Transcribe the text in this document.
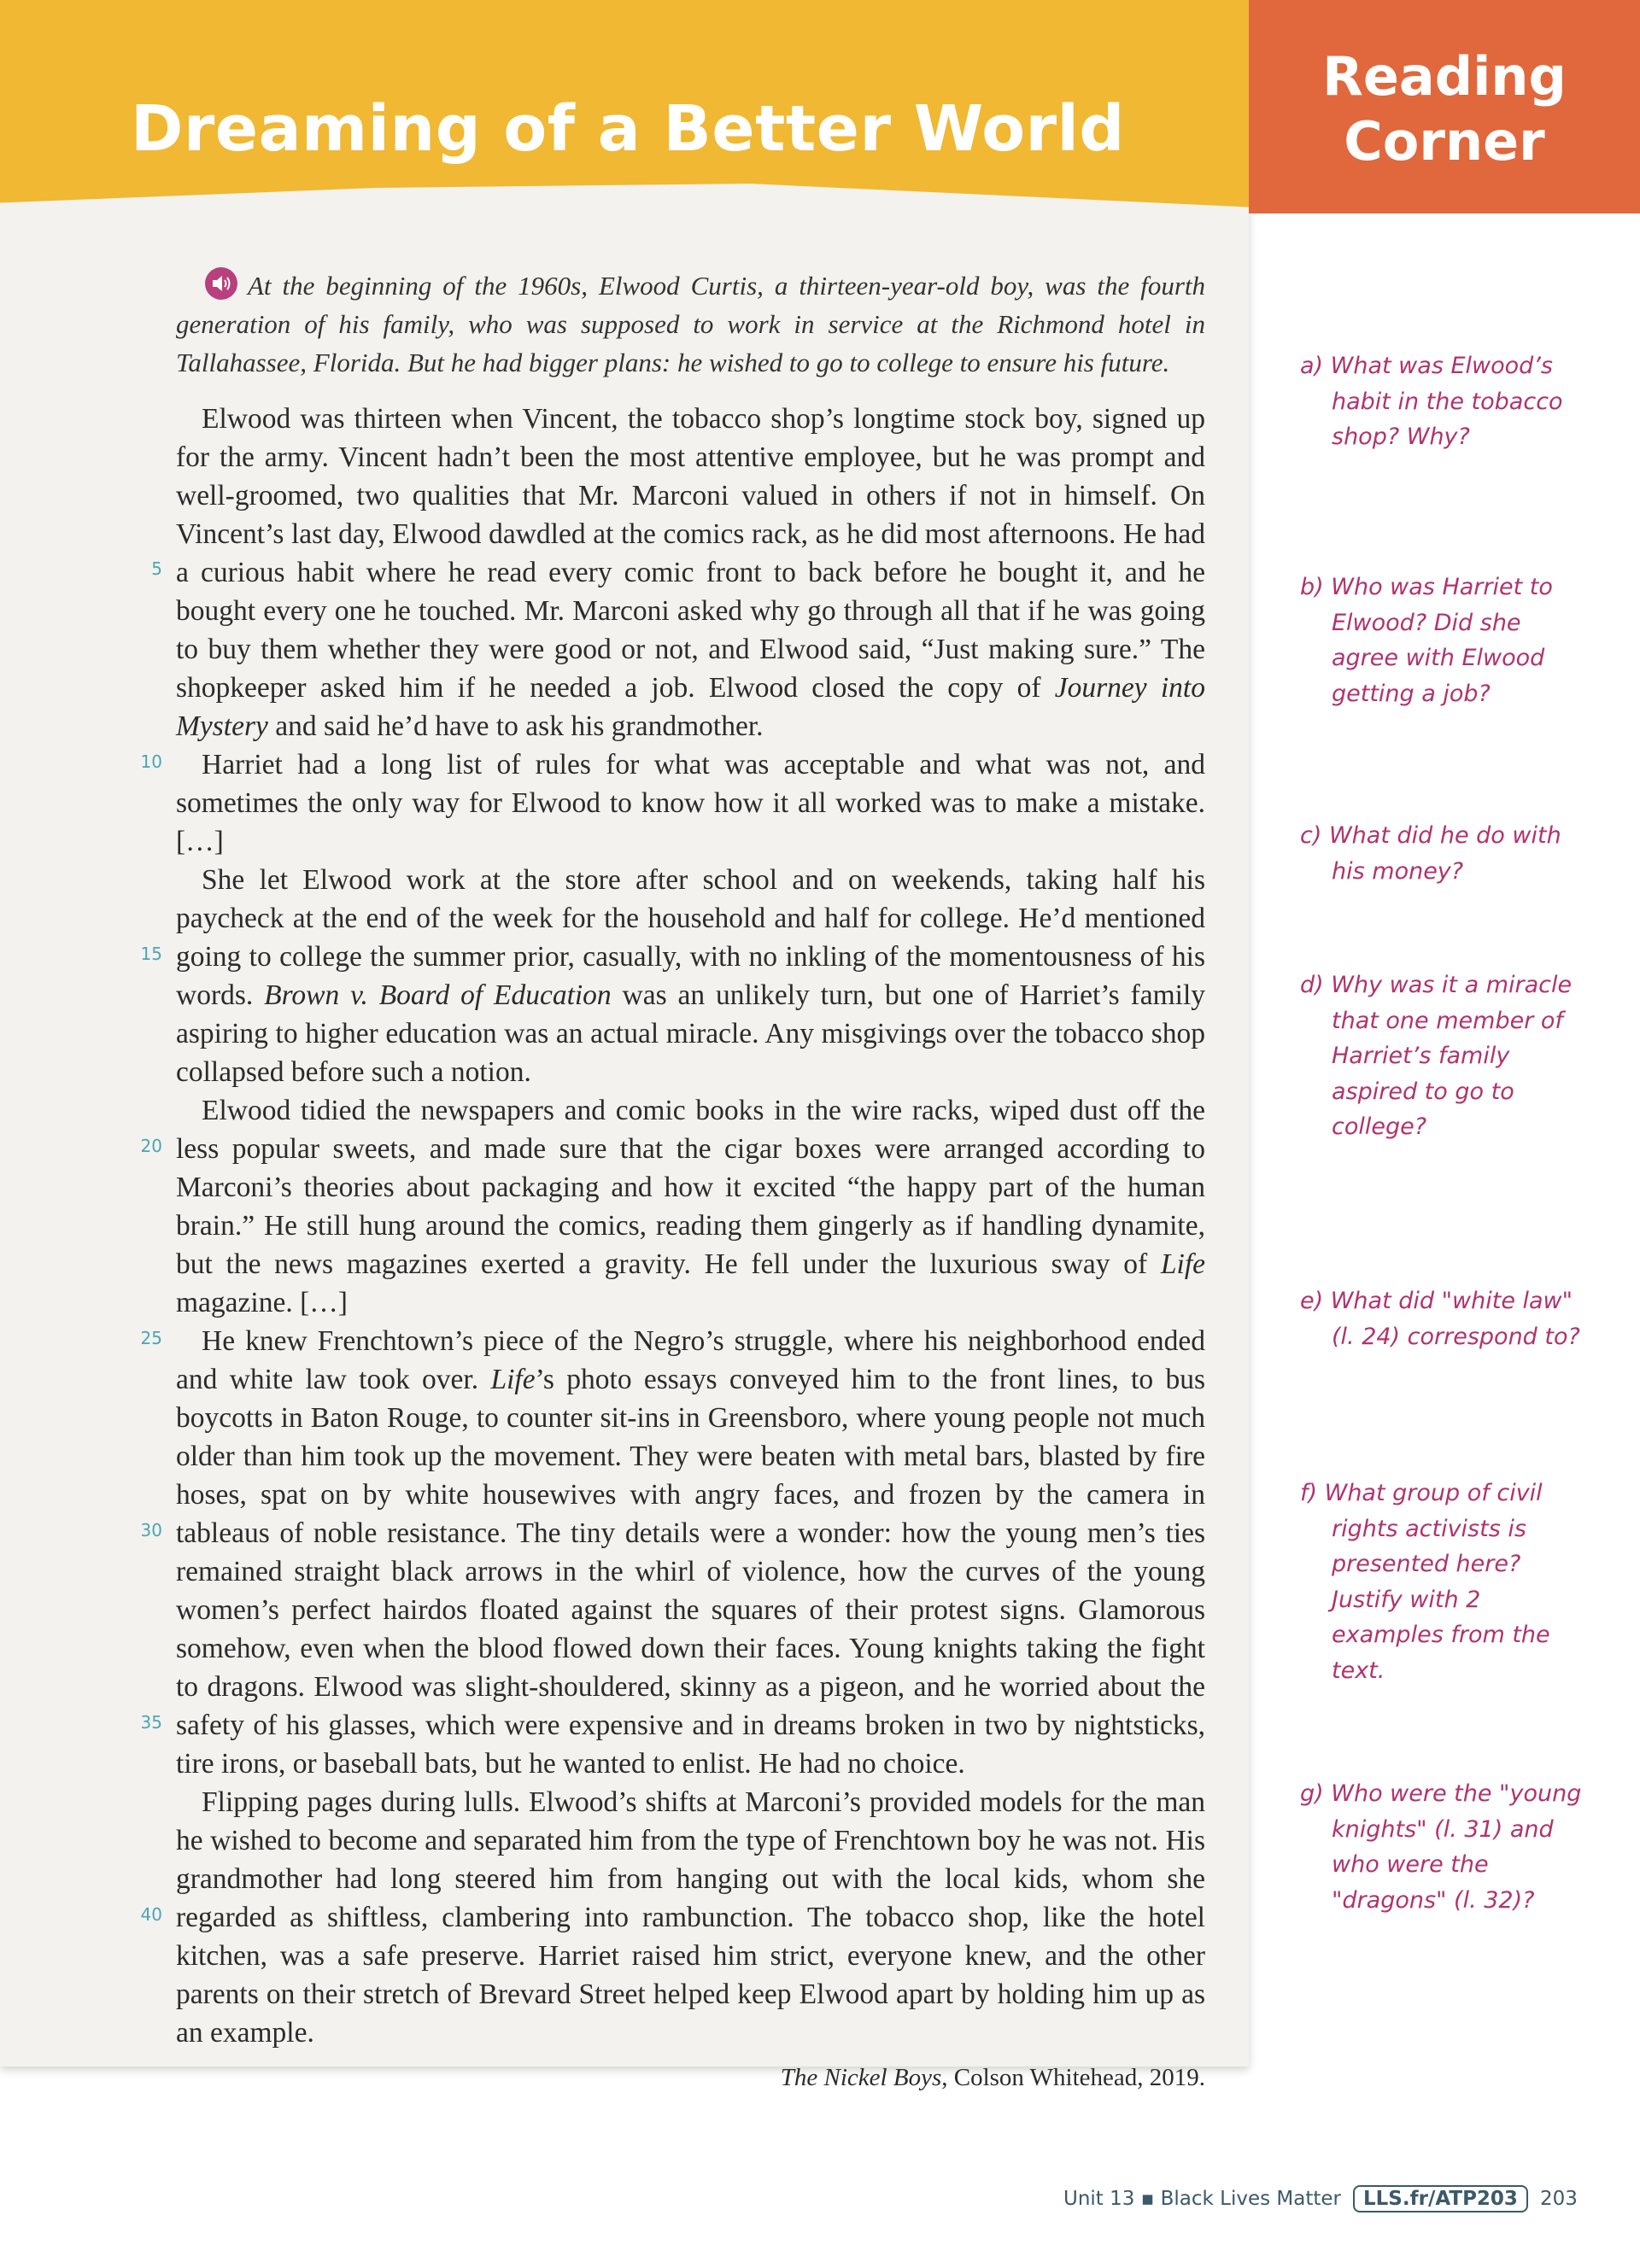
Dreaming of a Better World
Reading
Corner
At the beginning of the 1960s, Elwood Curtis, a thirteen-year-old boy, was the fourth generation of his family, who was supposed to work in service at the Richmond hotel in Tallahassee, Florida. But he had bigger plans: he wished to go to college to ensure his future.

Elwood was thirteen when Vincent, the tobacco shop’s longtime stock boy, signed up for the army. Vincent hadn’t been the most attentive employee, but he was prompt and well-groomed, two qualities that Mr. Marconi valued in others if not in himself. On Vincent’s last day, Elwood dawdled at the comics rack, as he did most afternoons. He had a curious habit where he read every comic front to back before he bought it, and he bought every one he touched. Mr. Marconi asked why go through all that if he was going to buy them whether they were good or not, and Elwood said, “Just making sure.” The shopkeeper asked him if he needed a job. Elwood closed the copy of Journey into Mystery and said he’d have to ask his grandmother.

Harriet had a long list of rules for what was acceptable and what was not, and sometimes the only way for Elwood to know how it all worked was to make a mistake. […]

She let Elwood work at the store after school and on weekends, taking half his paycheck at the end of the week for the household and half for college. He’d mentioned going to college the summer prior, casually, with no inkling of the momentousness of his words. Brown v. Board of Education was an unlikely turn, but one of Harriet’s family aspiring to higher education was an actual miracle. Any misgivings over the tobacco shop collapsed before such a notion.

Elwood tidied the newspapers and comic books in the wire racks, wiped dust off the less popular sweets, and made sure that the cigar boxes were arranged according to Marconi’s theories about packaging and how it excited “the happy part of the human brain.” He still hung around the comics, reading them gingerly as if handling dynamite, but the news magazines exerted a gravity. He fell under the luxurious sway of Life magazine. […]

He knew Frenchtown’s piece of the Negro’s struggle, where his neighborhood ended and white law took over. Life’s photo essays conveyed him to the front lines, to bus boycotts in Baton Rouge, to counter sit-ins in Greensboro, where young people not much older than him took up the movement. They were beaten with metal bars, blasted by fire hoses, spat on by white housewives with angry faces, and frozen by the camera in tableaus of noble resistance. The tiny details were a wonder: how the young men’s ties remained straight black arrows in the whirl of violence, how the curves of the young women’s perfect hairdos floated against the squares of their protest signs. Glamorous somehow, even when the blood flowed down their faces. Young knights taking the fight to dragons. Elwood was slight-shouldered, skinny as a pigeon, and he worried about the safety of his glasses, which were expensive and in dreams broken in two by nightsticks, tire irons, or baseball bats, but he wanted to enlist. He had no choice.

Flipping pages during lulls. Elwood’s shifts at Marconi’s provided models for the man he wished to become and separated him from the type of Frenchtown boy he was not. His grandmother had long steered him from hanging out with the local kids, whom she regarded as shiftless, clambering into rambunction. The tobacco shop, like the hotel kitchen, was a safe preserve. Harriet raised him strict, everyone knew, and the other parents on their stretch of Brevard Street helped keep Elwood apart by holding him up as an example.

The Nickel Boys, Colson Whitehead, 2019.

5
10
15
20
25
30
35
40
a) What was Elwood’s habit in the tobacco shop? Why?
b) Who was Harriet to Elwood? Did she agree with Elwood getting a job?
c) What did he do with his money?
d) Why was it a miracle that one member of Harriet’s family aspired to go to college?
e) What did "white law" (l. 24) correspond to?
f) What group of civil rights activists is presented here? Justify with 2 examples from the text.
g) Who were the "young knights" (l. 31) and who were the "dragons" (l. 32)?
Unit 13 ▪ Black Lives Matter	LLS.fr/ATP203	203
